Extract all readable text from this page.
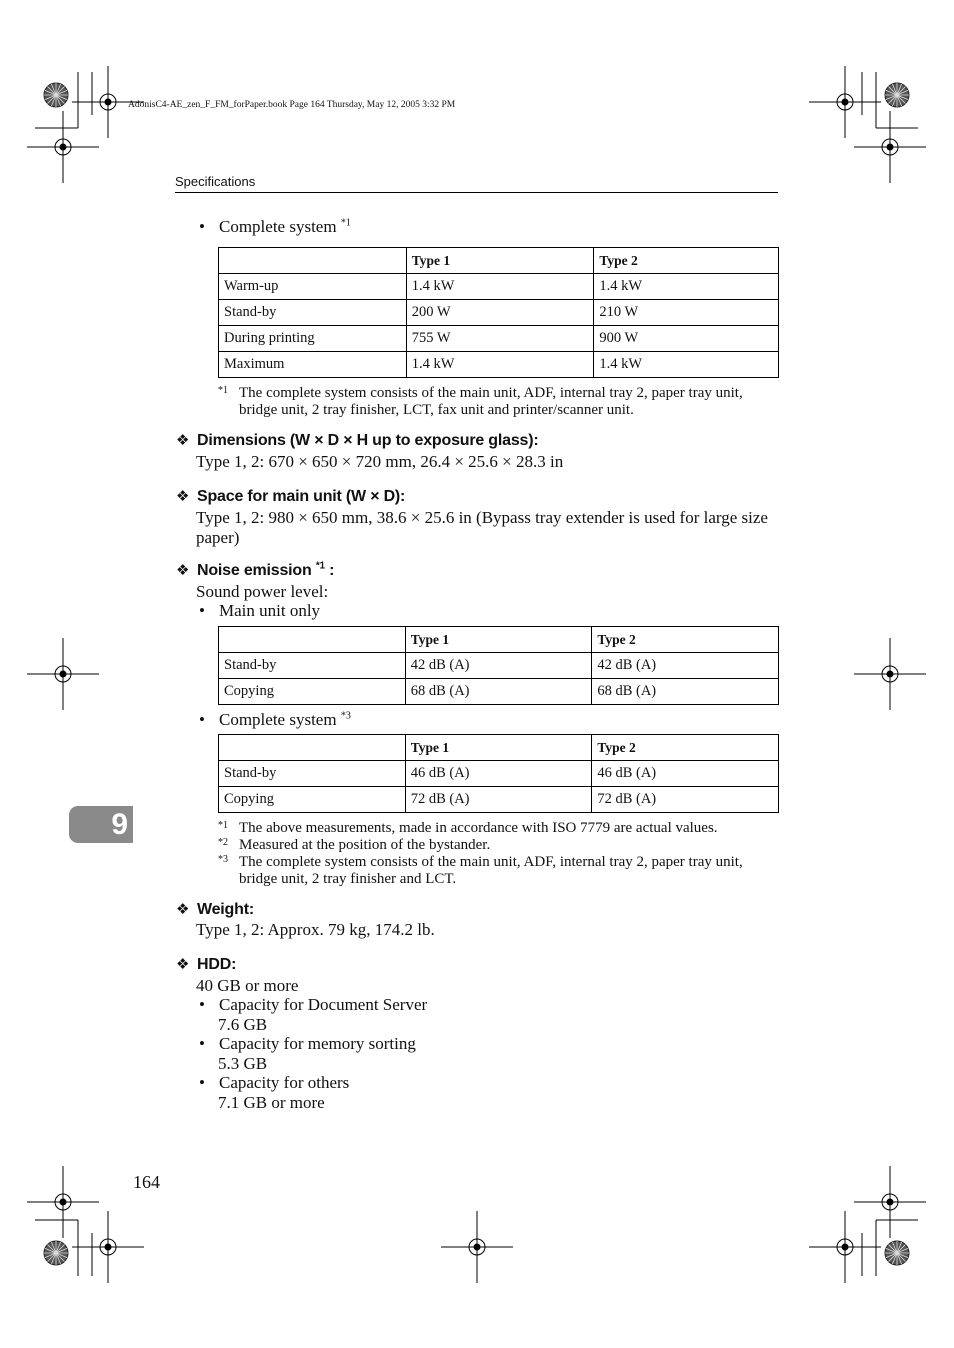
AdonisC4-AE_zen_F_FM_forPaper.book Page 164 Thursday, May 12, 2005 3:32 PM
Specifications
• Complete system $^{*1}$
	Type 1	Type 2
Warm-up	1.4 kW	1.4 kW
Stand-by	200 W	210 W
During printing	755 W	900 W
Maximum	1.4 kW	1.4 kW
*1 The complete system consists of the main unit, ADF, internal tray 2, paper tray unit, bridge unit, 2 tray finisher, LCT, fax unit and printer/scanner unit.
❖ Dimensions (W × D × H up to exposure glass):
Type 1, 2: 670 × 650 × 720 mm, 26.4 × 25.6 × 28.3 in
❖ Space for main unit (W × D):
Type 1, 2: 980 × 650 mm, 38.6 × 25.6 in (Bypass tray extender is used for large size paper)
❖ Noise emission $^{*1}$ :
Sound power level:
• Main unit only
	Type 1	Type 2
Stand-by	42 dB (A)	42 dB (A)
Copying	68 dB (A)	68 dB (A)
• Complete system $^{*3}$
	Type 1	Type 2
Stand-by	46 dB (A)	46 dB (A)
Copying	72 dB (A)	72 dB (A)
*1 The above measurements, made in accordance with ISO 7779 are actual values.
*2 Measured at the position of the bystander.
*3 The complete system consists of the main unit, ADF, internal tray 2, paper tray unit, bridge unit, 2 tray finisher and LCT.
9
❖ Weight:
Type 1, 2: Approx. 79 kg, 174.2 lb.
❖ HDD:
40 GB or more
• Capacity for Document Server
7.6 GB
• Capacity for memory sorting
5.3 GB
• Capacity for others
7.1 GB or more
164
